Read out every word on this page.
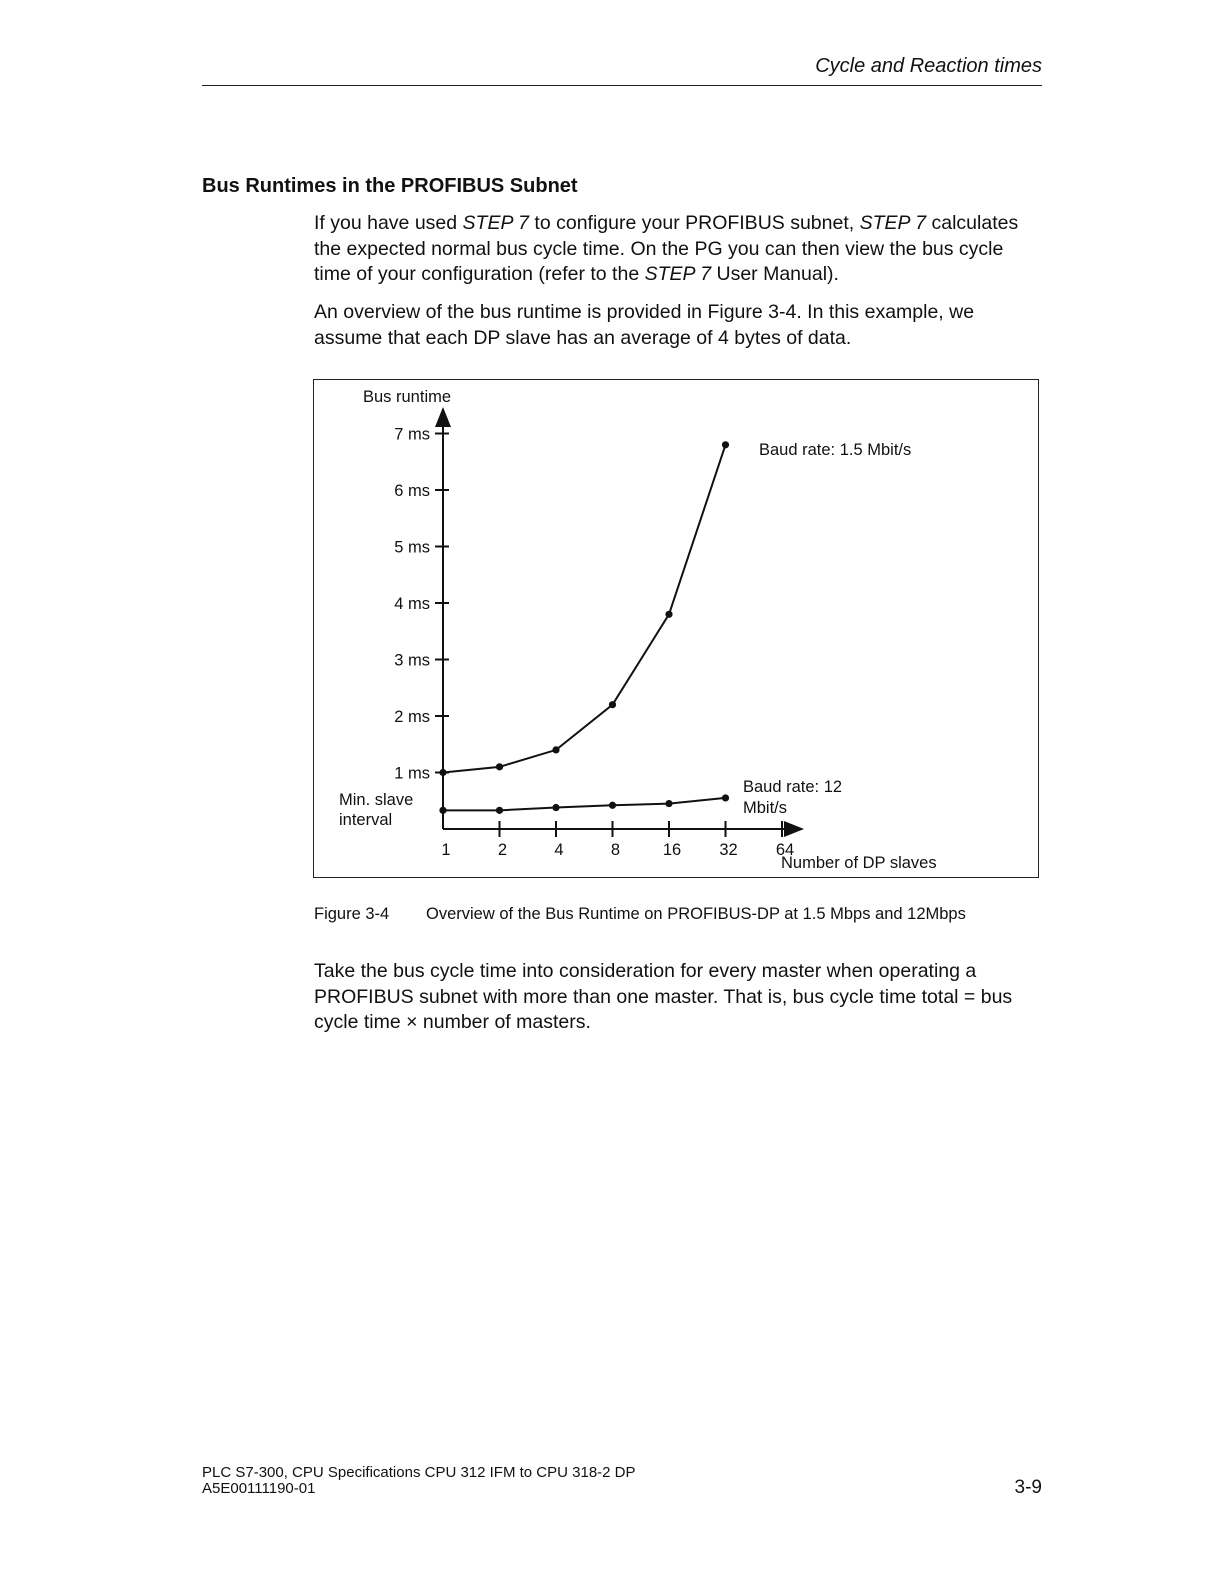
Cycle and Reaction times
Bus Runtimes in the PROFIBUS Subnet
If you have used STEP 7 to configure your PROFIBUS subnet, STEP 7 calculates the expected normal bus cycle time. On the PG you can then view the bus cycle time of your configuration (refer to the STEP 7 User Manual).
An overview of the bus runtime is provided in Figure 3-4. In this example, we assume that each DP slave has an average of 4 bytes of data.
Bus runtime
1 ms
2 ms
3 ms
4 ms
5 ms
6 ms
7 ms
1	2	4	8	16 32 64
Number of DP slaves
Min. slave interval
Baud rate: 1.5 Mbit/s
Baud rate: 12 Mbit/s
Figure 3-4 Overview of the Bus Runtime on PROFIBUS-DP at 1.5 Mbps and 12Mbps
Take the bus cycle time into consideration for every master when operating a PROFIBUS subnet with more than one master. That is, bus cycle time total = bus cycle time × number of masters.
PLC S7-300, CPU Specifications CPU 312 IFM to CPU 318-2 DP
A5E00111190-01	3-9
